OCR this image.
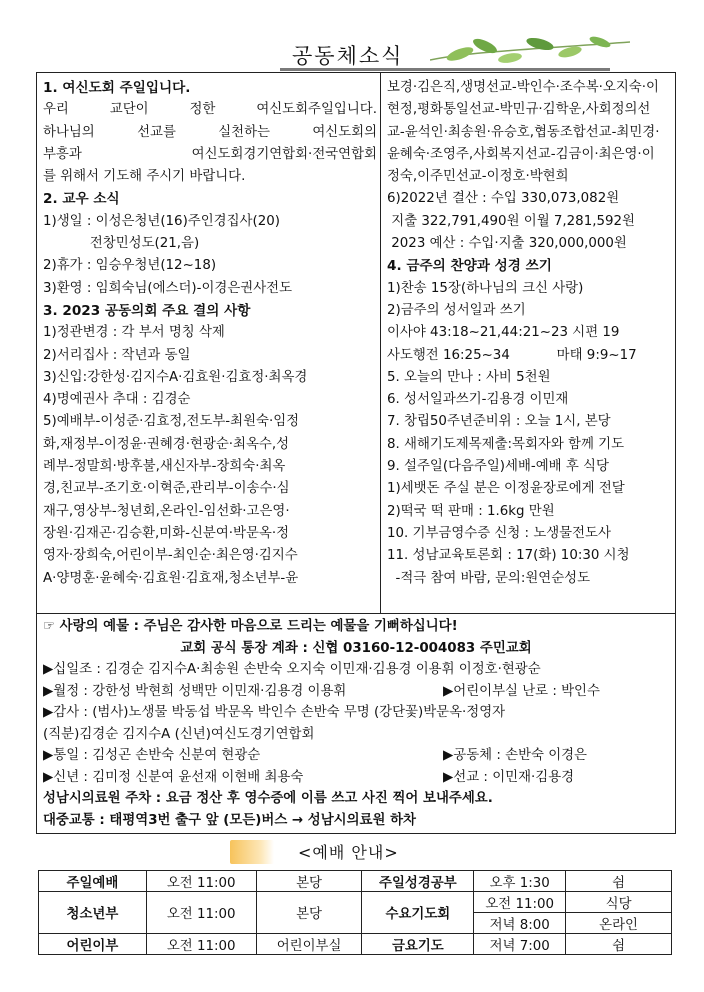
공동체소식
1. 여신도회 주일입니다.
우리 교단이 정한 여신도회주일입니다.
하나님의 선교를 실천하는 여신도회의
부흥과 여신도회경기연합회·전국연합회
를 위해서 기도해 주시기 바랍니다.
2. 교우 소식
1)생일 : 이성은청년(16)주인경집사(20)
전창민성도(21,음)
2)휴가 : 임승우청년(12~18)
3)환영 : 임희숙님(에스더)-이경은권사전도
3. 2023 공동의회 주요 결의 사항
1)정관변경 : 각 부서 명칭 삭제
2)서리집사 : 작년과 동일
3)신입:강한성·김지수A·김효원·김효정·최옥경
4)명예권사 추대 : 김경순
5)예배부-이성준·김효정,전도부-최원숙·임정
화,재정부-이정윤·권혜경·현광순·최옥수,성
례부-정말희·방후불,새신자부-장희숙·최옥
경,친교부-조기호·이혁준,관리부-이송수·심
재구,영상부-청년회,온라인-임선화·고은영·
장원·김재곤·김승환,미화-신분여·박문옥·정
영자·장희숙,어린이부-최인순·최은영·김지수
A·양명훈·윤혜숙·김효원·김효재,청소년부-윤
보경·김은직,생명선교-박인수·조수복·오지숙·이
현정,평화통일선교-박민규·김학운,사회정의선
교-윤석인·최송원·유승호,협동조합선교-최민경·
윤혜숙·조영주,사회복지선교-김금이·최은영·이
정숙,이주민선교-이정호·박현희
6)2022년 결산 : 수입 330,073,082원
지출 322,791,490원 이월 7,281,592원
2023 예산 : 수입·지출 320,000,000원
4. 금주의 찬양과 성경 쓰기
1)찬송 15장(하나님의 크신 사랑)
2)금주의 성서일과 쓰기
이사야 43:18~21,44:21~23 시편 19
사도행전 16:25~34           마태 9:9~17
5. 오늘의 만나 : 사비 5천원
6. 성서일과쓰기-김용경 이민재
7. 창립50주년준비위 : 오늘 1시, 본당
8. 새해기도제목제출:목회자와 함께 기도
9. 설주일(다음주일)세배-예배 후 식당
1)세뱃돈 주실 분은 이정윤장로에게 전달
2)떡국 떡 판매 : 1.6kg 만원
10. 기부금영수증 신청 : 노생물전도사
11. 성남교육토론회 : 17(화) 10:30 시청
-적극 참여 바람, 문의:원연순성도
☞ 사랑의 예물 : 주님은 감사한 마음으로 드리는 예물을 기뻐하십니다!
교회 공식 통장 계좌 : 신협 03160-12-004083 주민교회
▶십일조 : 김경순 김지수A·최송원 손반숙 오지숙 이민재·김용경 이용휘 이정호·현광순
▶월정 : 강한성 박현희 성백만 이민재·김용경 이용휘	▶어린이부실 난로 : 박인수
▶감사 : (범사)노생물 박동섭 박문옥 박인수 손반숙 무명 (강단꽃)박문옥·정영자
(직분)김경순 김지수A (신년)여신도경기연합회
▶통일 : 김성곤 손반숙 신분여 현광순	▶공동체 : 손반숙 이경은
▶신년 : 김미정 신분여 윤선재 이현배 최용숙	▶선교 : 이민재·김용경
성남시의료원 주차 : 요금 정산 후 영수증에 이름 쓰고 사진 찍어 보내주세요.
대중교통 : 태평역3번 출구 앞 (모든)버스 → 성남시의료원 하차
<예배 안내>
주일예배	오전 11:00	본당	주일성경공부	오후 1:30	쉼
청소년부	오전 11:00	본당	수요기도회	오전 11:00	식당
				저녁 8:00	온라인
어린이부	오전 11:00	어린이부실	금요기도	저녁 7:00	쉼
